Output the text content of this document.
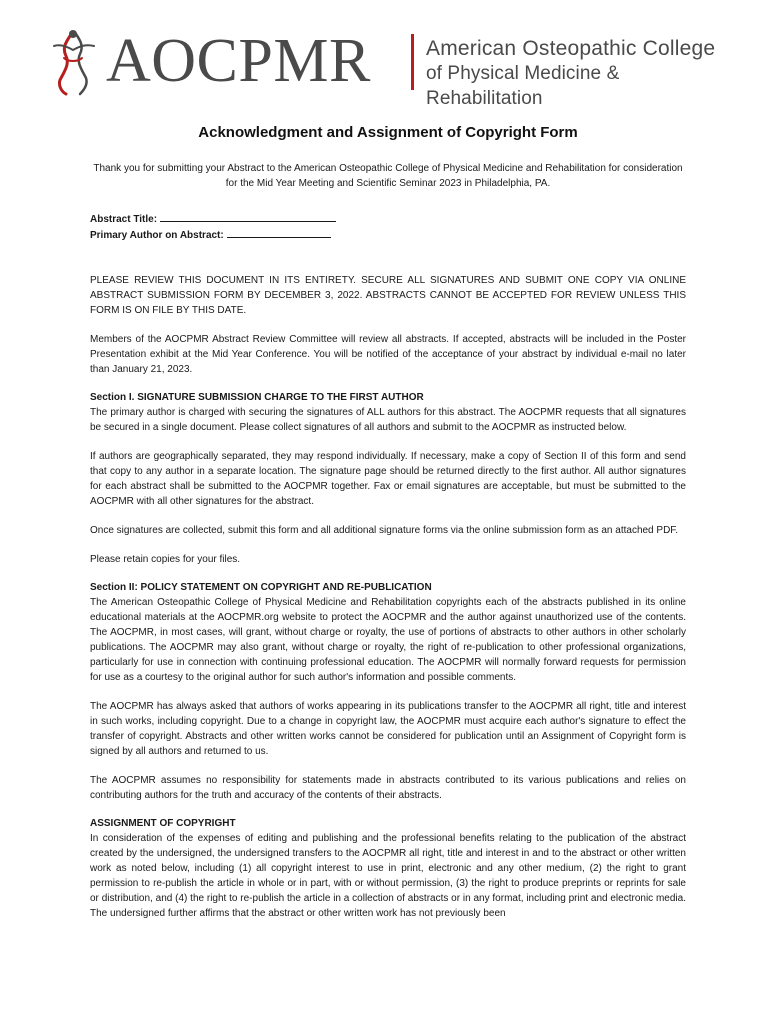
AOCPMR	American Osteopathic College
of Physical Medicine & Rehabilitation
Acknowledgment and Assignment of Copyright Form
Thank you for submitting your Abstract to the American Osteopathic College of Physical Medicine and Rehabilitation for consideration for the Mid Year Meeting and Scientific Seminar 2023 in Philadelphia, PA.
Abstract Title:
Primary Author on Abstract:
PLEASE REVIEW THIS DOCUMENT IN ITS ENTIRETY. SECURE ALL SIGNATURES AND SUBMIT ONE COPY VIA ONLINE ABSTRACT SUBMISSION FORM BY DECEMBER 3, 2022. ABSTRACTS CANNOT BE ACCEPTED FOR REVIEW UNLESS THIS FORM IS ON FILE BY THIS DATE.
Members of the AOCPMR Abstract Review Committee will review all abstracts. If accepted, abstracts will be included in the Poster Presentation exhibit at the Mid Year Conference. You will be notified of the acceptance of your abstract by individual e-mail no later than January 21, 2023.
Section I. SIGNATURE SUBMISSION CHARGE TO THE FIRST AUTHOR
The primary author is charged with securing the signatures of ALL authors for this abstract. The AOCPMR requests that all signatures be secured in a single document. Please collect signatures of all authors and submit to the AOCPMR as instructed below.
If authors are geographically separated, they may respond individually. If necessary, make a copy of Section II of this form and send that copy to any author in a separate location. The signature page should be returned directly to the first author. All author signatures for each abstract shall be submitted to the AOCPMR together. Fax or email signatures are acceptable, but must be submitted to the AOCPMR with all other signatures for the abstract.
Once signatures are collected, submit this form and all additional signature forms via the online submission form as an attached PDF.
Please retain copies for your files.
Section II: POLICY STATEMENT ON COPYRIGHT AND RE-PUBLICATION
The American Osteopathic College of Physical Medicine and Rehabilitation copyrights each of the abstracts published in its online educational materials at the AOCPMR.org website to protect the AOCPMR and the author against unauthorized use of the contents. The AOCPMR, in most cases, will grant, without charge or royalty, the use of portions of abstracts to other authors in other scholarly publications. The AOCPMR may also grant, without charge or royalty, the right of re-publication to other professional organizations, particularly for use in connection with continuing professional education. The AOCPMR will normally forward requests for permission for use as a courtesy to the original author for such author's information and possible comments.
The AOCPMR has always asked that authors of works appearing in its publications transfer to the AOCPMR all right, title and interest in such works, including copyright. Due to a change in copyright law, the AOCPMR must acquire each author's signature to effect the transfer of copyright. Abstracts and other written works cannot be considered for publication until an Assignment of Copyright form is signed by all authors and returned to us.
The AOCPMR assumes no responsibility for statements made in abstracts contributed to its various publications and relies on contributing authors for the truth and accuracy of the contents of their abstracts.
ASSIGNMENT OF COPYRIGHT
In consideration of the expenses of editing and publishing and the professional benefits relating to the publication of the abstract created by the undersigned, the undersigned transfers to the AOCPMR all right, title and interest in and to the abstract or other written work as noted below, including (1) all copyright interest to use in print, electronic and any other medium, (2) the right to grant permission to re-publish the article in whole or in part, with or without permission, (3) the right to produce preprints or reprints for sale or distribution, and (4) the right to re-publish the article in a collection of abstracts or in any format, including print and electronic media. The undersigned further affirms that the abstract or other written work has not previously been
